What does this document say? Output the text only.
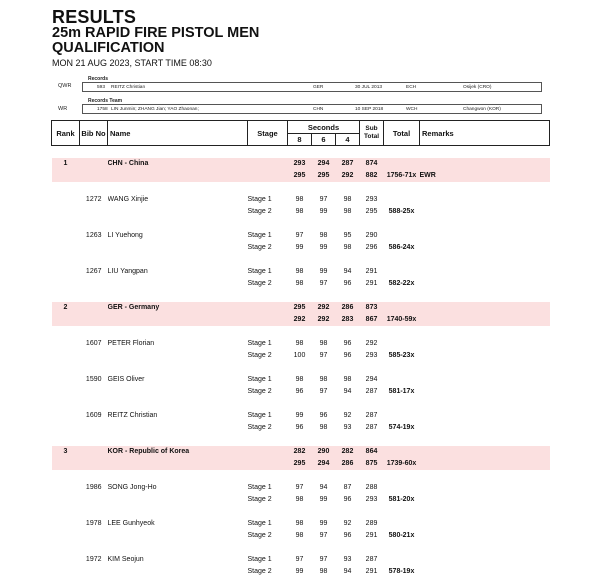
RESULTS
25m RAPID FIRE PISTOL MEN
QUALIFICATION
MON 21 AUG 2023, START TIME 08:30
Records
QWR	593 REITZ Christian	GER	30 JUL 2013	ECH	Osijek (CRO)
Records Team
WR	1758 LIN Junmin; ZHANG Jian; YAO Zhaonan;	CHN	10 SEP 2018	WCH	Changwon (KOR)
Rank	Bib No	Name	Stage	Seconds			Sub Total	Total	Remarks
				8	6	4			

1		CHN - China		293	294	287	874		
				295	295	292	882	1756-71x	EWR

	1272	WANG Xinjie	Stage 1	98	97	98	293		
			Stage 2	98	99	98	295	588-25x	

	1263	LI Yuehong	Stage 1	97	98	95	290		
			Stage 2	99	99	98	296	586-24x	

	1267	LIU Yangpan	Stage 1	98	99	94	291		
			Stage 2	98	97	96	291	582-22x	

2		GER - Germany		295	292	286	873		
				292	292	283	867	1740-59x	

	1607	PETER Florian	Stage 1	98	98	96	292		
			Stage 2	100	97	96	293	585-23x	

	1590	GEIS Oliver	Stage 1	98	98	98	294		
			Stage 2	96	97	94	287	581-17x	

	1609	REITZ Christian	Stage 1	99	96	92	287		
			Stage 2	96	98	93	287	574-19x	

3		KOR - Republic of Korea		282	290	282	864		
				295	294	286	875	1739-60x	

	1986	SONG Jong-Ho	Stage 1	97	94	87	288		
			Stage 2	98	99	96	293	581-20x	

	1978	LEE Gunhyeok	Stage 1	98	99	92	289		
			Stage 2	98	97	96	291	580-21x	

	1972	KIM Seojun	Stage 1	97	97	93	287		
			Stage 2	99	98	94	291	578-19x	
